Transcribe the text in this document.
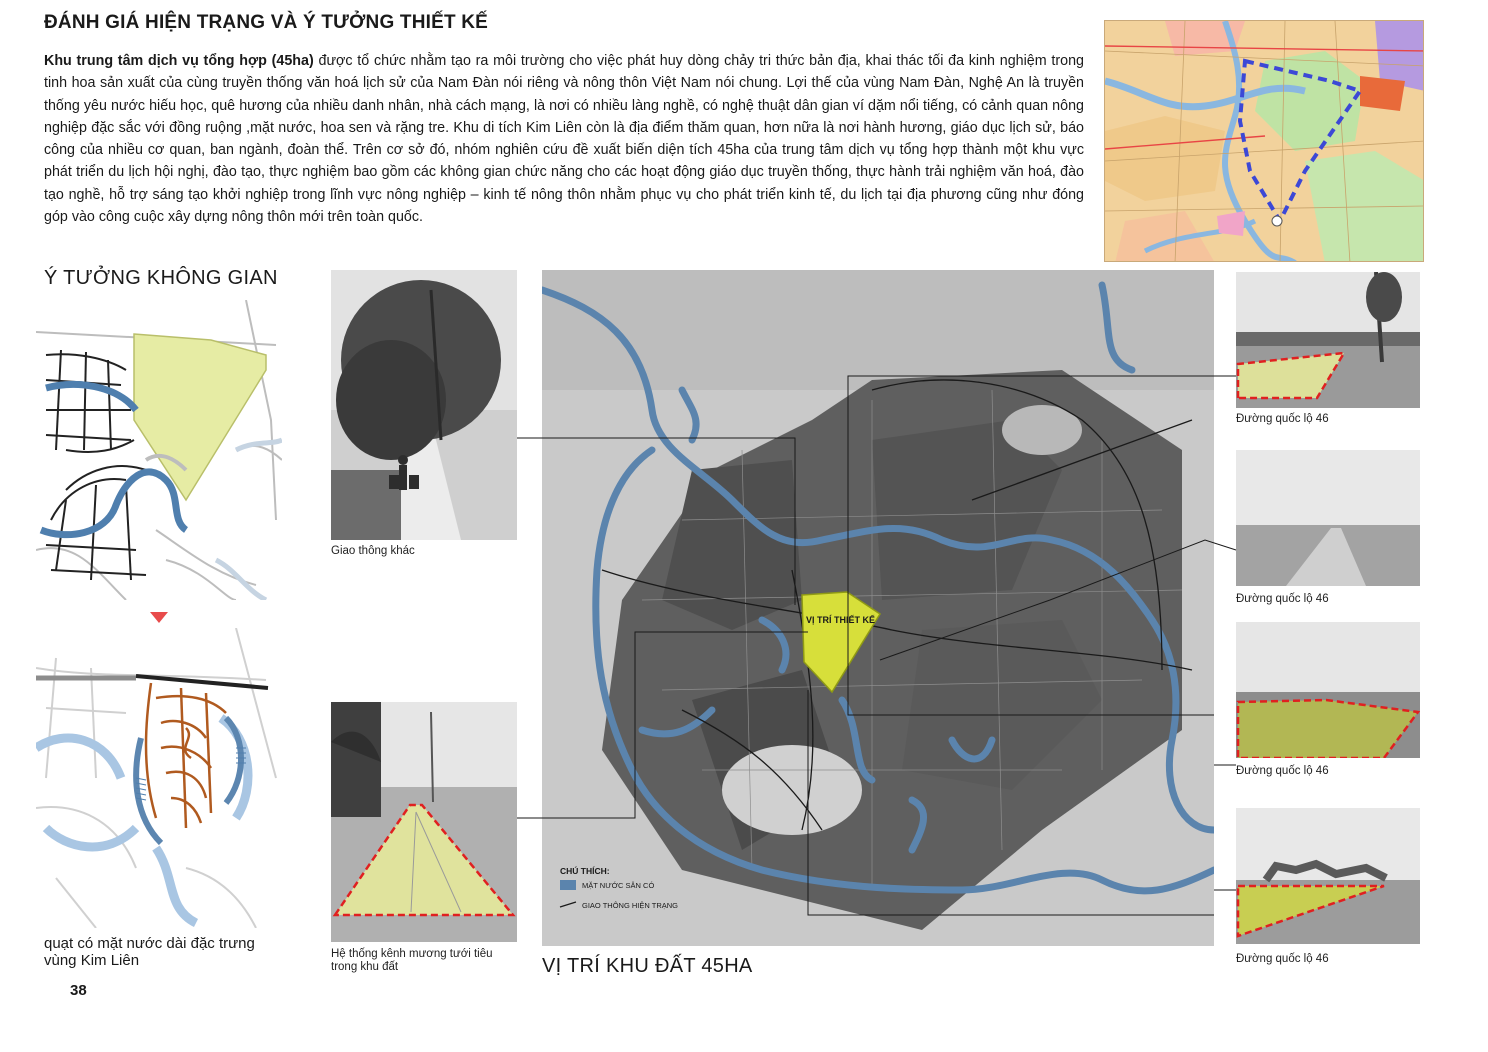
ĐÁNH GIÁ HIỆN TRẠNG VÀ Ý TƯỞNG THIẾT KẾ
Khu trung tâm dịch vụ tổng hợp (45ha) được tổ chức nhằm tạo ra môi trường cho việc phát huy dòng chảy tri thức bản địa, khai thác tối đa kinh nghiệm trong tinh hoa sản xuất của cùng truyền thống văn hoá lịch sử của Nam Đàn nói riêng và nông thôn Việt Nam nói chung. Lợi thế của vùng Nam Đàn, Nghệ An là truyền thống yêu nước hiếu học, quê hương của nhiều danh nhân, nhà cách mạng, là nơi có nhiều làng nghề, có nghệ thuật dân gian ví dặm nổi tiếng, có cảnh quan nông nghiệp đặc sắc với đồng ruộng ,mặt nước, hoa sen và rặng tre. Khu di tích Kim Liên còn là địa điểm thăm quan, hơn nữa là nơi hành hương, giáo dục lịch sử, báo công của nhiều cơ quan, ban ngành, đoàn thể. Trên cơ sở đó, nhóm nghiên cứu đề xuất biến diện tích 45ha của trung tâm dịch vụ tổng hợp thành một khu vực phát triển du lịch hội nghị, đào tạo, thực nghiệm bao gồm các không gian chức năng cho các hoạt động giáo dục truyền thống, thực hành trải nghiệm văn hoá, đào tạo nghề, hỗ trợ sáng tạo khởi nghiệp trong lĩnh vực nông nghiệp – kinh tế nông thôn nhằm phục vụ cho phát triển kinh tế, du lịch tại địa phương cũng như đóng góp vào công cuộc xây dựng nông thôn mới trên toàn quốc.
Ý TƯỞNG KHÔNG GIAN
quạt có mặt nước dài đặc trưng
vùng Kim Liên
38
Giao thông khác
Hệ thống kênh mương tưới tiêu
trong khu đất
VỊ TRÍ THIẾT KẾ
CHÚ THÍCH:
MẶT NƯỚC SẴN CÓ
GIAO THÔNG HIỆN TRẠNG
VỊ TRÍ KHU ĐẤT 45HA
Đường quốc lộ 46
Đường quốc lộ 46
Đường quốc lộ 46
Đường quốc lộ 46
